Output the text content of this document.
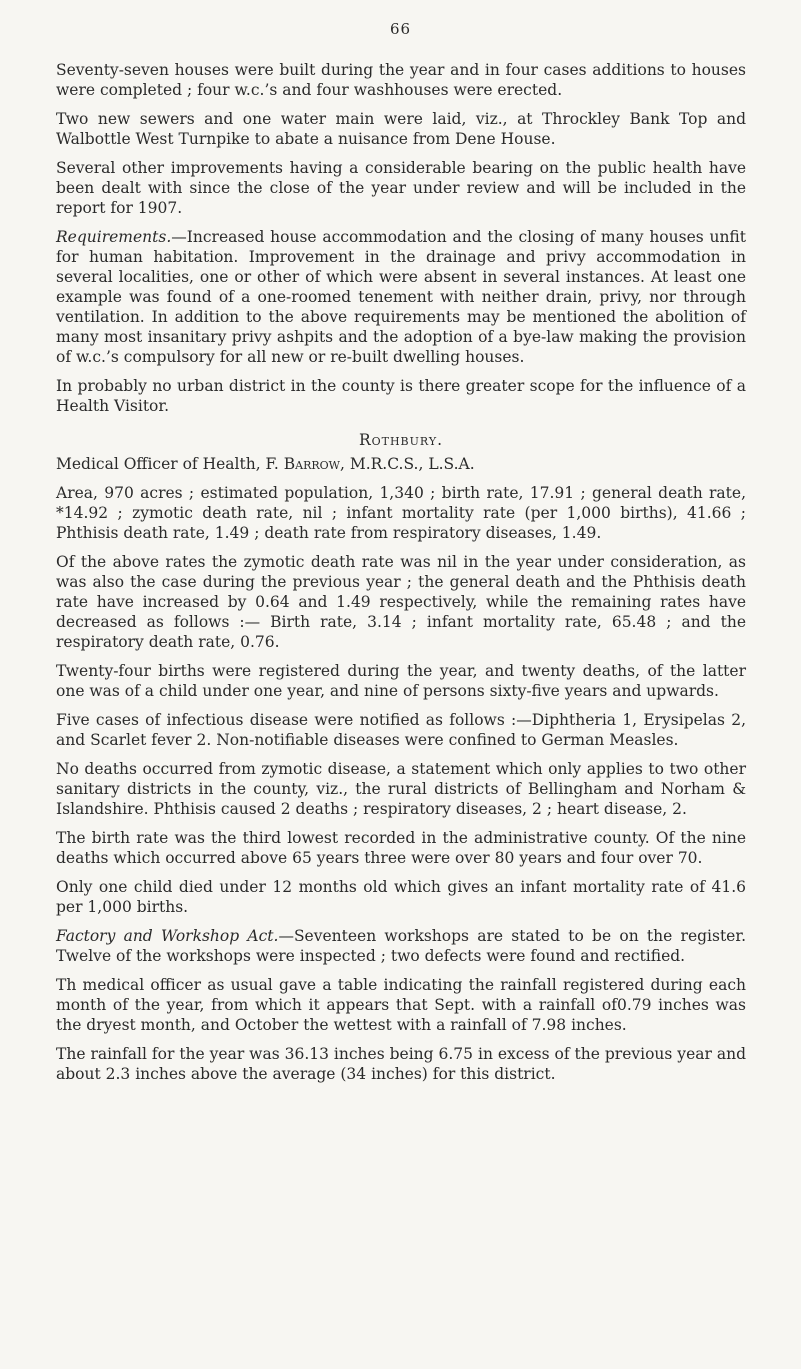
66

Seventy-seven houses were built during the year and in four cases additions to houses were completed ; four w.c.’s and four washhouses were erected.

Two new sewers and one water main were laid, viz., at Throckley Bank Top and Walbottle West Turnpike to abate a nuisance from Dene House.

Several other improvements having a considerable bearing on the public health have been dealt with since the close of the year under review and will be included in the report for 1907.

Requirements.—Increased house accommodation and the closing of many houses unfit for human habitation. Improvement in the drainage and privy accommodation in several localities, one or other of which were absent in several instances. At least one example was found of a one-roomed tenement with neither drain, privy, nor through ventilation. In addition to the above requirements may be mentioned the abolition of many most insanitary privy ashpits and the adoption of a bye-law making the provision of w.c.’s compulsory for all new or re-built dwelling houses.

In probably no urban district in the county is there greater scope for the influence of a Health Visitor.

Rothbury.

Medical Officer of Health, F. Barrow, M.R.C.S., L.S.A.

Area, 970 acres ; estimated population, 1,340 ; birth rate, 17.91 ; general death rate, *14.92 ; zymotic death rate, nil ; infant mortality rate (per 1,000 births), 41.66 ; Phthisis death rate, 1.49 ; death rate from respiratory diseases, 1.49.

Of the above rates the zymotic death rate was nil in the year under consideration, as was also the case during the previous year ; the general death and the Phthisis death rate have increased by 0.64 and 1.49 respectively, while the remaining rates have decreased as follows :— Birth rate, 3.14 ; infant mortality rate, 65.48 ; and the respiratory death rate, 0.76.

Twenty-four births were registered during the year, and twenty deaths, of the latter one was of a child under one year, and nine of persons sixty-five years and upwards.

Five cases of infectious disease were notified as follows :—Diphtheria 1, Erysipelas 2, and Scarlet fever 2. Non-notifiable diseases were confined to German Measles.

No deaths occurred from zymotic disease, a statement which only applies to two other sanitary districts in the county, viz., the rural districts of Bellingham and Norham & Islandshire. Phthisis caused 2 deaths ; respiratory diseases, 2 ; heart disease, 2.

The birth rate was the third lowest recorded in the administrative county. Of the nine deaths which occurred above 65 years three were over 80 years and four over 70.

Only one child died under 12 months old which gives an infant mortality rate of 41.6 per 1,000 births.

Factory and Workshop Act.—Seventeen workshops are stated to be on the register. Twelve of the workshops were inspected ; two defects were found and rectified.

Th medical officer as usual gave a table indicating the rainfall registered during each month of the year, from which it appears that Sept. with a rainfall of0.79 inches was the dryest month, and October the wettest with a rainfall of 7.98 inches.

The rainfall for the year was 36.13 inches being 6.75 in excess of the previous year and about 2.3 inches above the average (34 inches) for this district.
